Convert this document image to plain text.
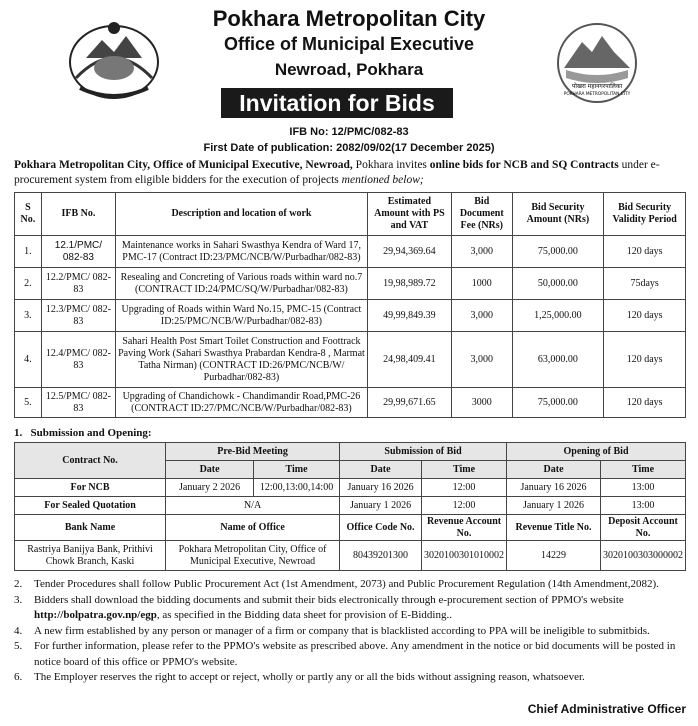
पोखरा महानगरपालिका
POKHARA METROPOLITAN CITY
Pokhara Metropolitan City
Office of Municipal Executive
Newroad, Pokhara
Invitation for Bids
IFB No: 12/PMC/082-83
First Date of publication: 2082/09/02(17 December 2025)
Pokhara Metropolitan City, Office of Municipal Executive, Newroad, Pokhara invites online bids for NCB and SQ Contracts under e-procurement system from eligible bidders for the execution of projects mentioned below;
S No.	IFB No.	Description and location of work	Estimated Amount with PS and VAT	Bid Document Fee (NRs)	Bid Security Amount (NRs)	Bid Security Validity Period
1.	12.1/PMC/ 082-83	Maintenance works in Sahari Swasthya Kendra of Ward 17, PMC-17 (Contract ID:23/PMC/NCB/W/Purbadhar/082-83)	29,94,369.64	3,000	75,000.00	120 days
2.	12.2/PMC/ 082-83	Resealing and Concreting of Various roads within ward no.7 (CONTRACT ID:24/PMC/SQ/W/Purbadhar/082-83)	19,98,989.72	1000	50,000.00	75days
3.	12.3/PMC/ 082-83	Upgrading of Roads within Ward No.15, PMC-15 (Contract ID:25/PMC/NCB/W/Purbadhar/082-83)	49,99,849.39	3,000	1,25,000.00	120 days
4.	12.4/PMC/ 082-83	Sahari Health Post Smart Toilet Construction and Foottrack Paving Work (Sahari Swasthya Prabardan Kendra-8 , Marmat Tatha Nirman) (CONTRACT ID:26/PMC/NCB/W/ Purbadhar/082-83)	24,98,409.41	3,000	63,000.00	120 days
5.	12.5/PMC/ 082-83	Upgrading of Chandichowk - Chandimandir Road,PMC-26 (CONTRACT ID:27/PMC/NCB/W/Purbadhar/082-83)	29,99,671.65	3000	75,000.00	120 days
1. Submission and Opening:
Contract No.	Pre-Bid Meeting		Submission of Bid		Opening of Bid	
	Date	Time	Date	Time	Date	Time
For NCB	January 2 2026	12:00,13:00,14:00	January 16 2026	12:00	January 16 2026	13:00
For Sealed Quotation	N/A		January 1 2026	12:00	January 1 2026	13:00
Bank Name	Name of Office		Office Code No.	Revenue Account No.	Revenue Title No.	Deposit Account No.
Rastriya Banijya Bank, Prithivi Chowk Branch, Kaski	Pokhara Metropolitan City, Office of Municipal Executive, Newroad		80439201300	3020100301010002	14229	3020100303000002
2.	Tender Procedures shall follow Public Procurement Act (1st Amendment, 2073) and Public Procurement Regulation (14th Amendment,2082).
3.	Bidders shall download the bidding documents and submit their bids electronically through e-procurement section of PPMO's website http://bolpatra.gov.np/egp, as specified in the Bidding data sheet for provision of E-Bidding..
4.	A new firm established by any person or manager of a firm or company that is blacklisted according to PPA will be ineligible to submitbids.
5.	For further information, please refer to the PPMO's website as prescribed above. Any amendment in the notice or bid documents will be posted in notice board of this office or PPMO's website.
6.	The Employer reserves the right to accept or reject, wholly or partly any or all the bids without assigning reason, whatsoever.
Chief Administrative Officer
